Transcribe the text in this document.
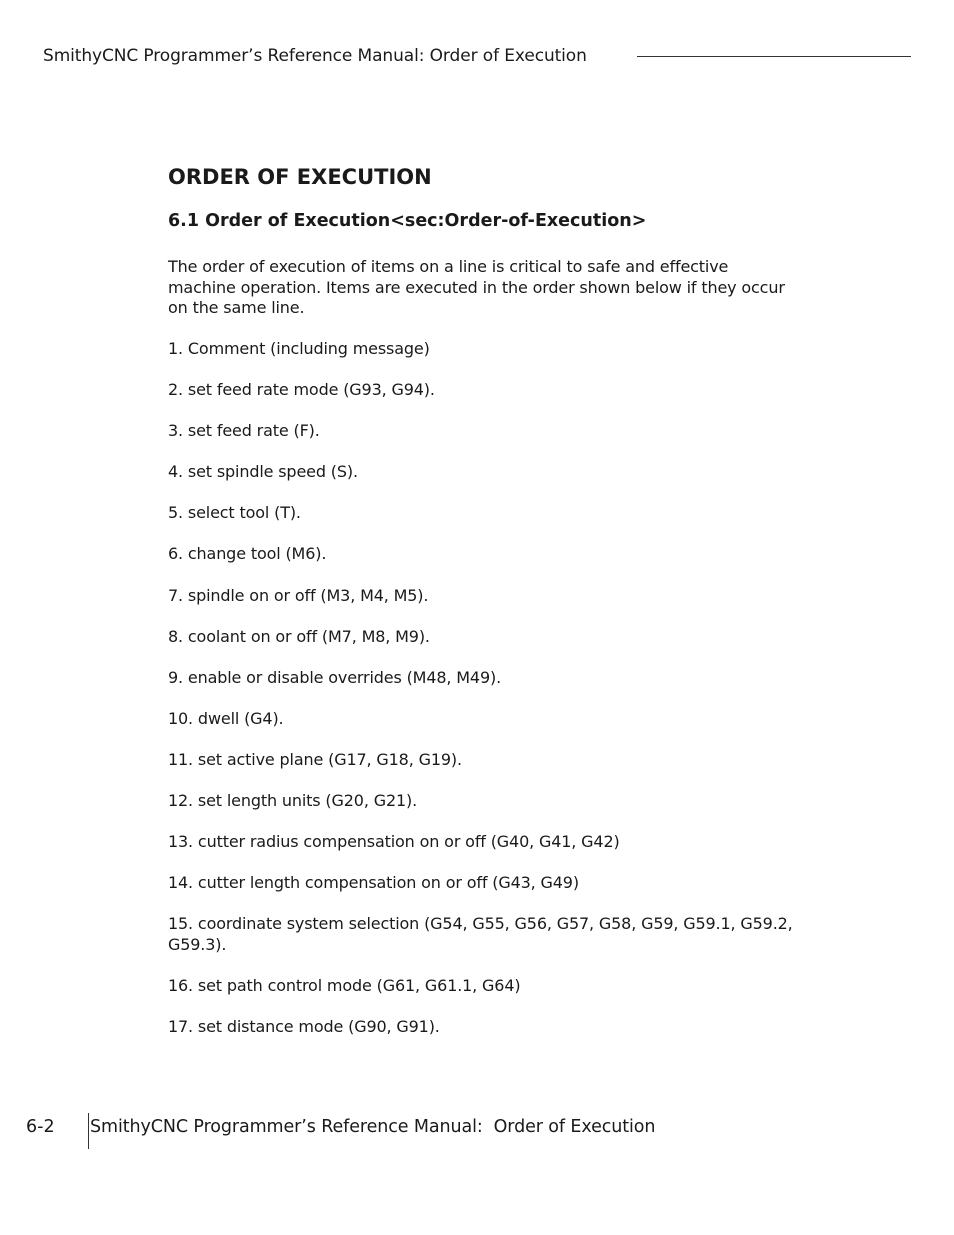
SmithyCNC Programmer’s Reference Manual: Order of Execution
ORDER OF EXECUTION
6.1 Order of Execution<sec:Order-of-Execution>

The order of execution of items on a line is critical to safe and effective machine operation. Items are executed in the order shown below if they occur on the same line.

1. Comment (including message)
2. set feed rate mode (G93, G94).
3. set feed rate (F).
4. set spindle speed (S).
5. select tool (T).
6. change tool (M6).
7. spindle on or off (M3, M4, M5).
8. coolant on or off (M7, M8, M9).
9. enable or disable overrides (M48, M49).
10. dwell (G4).
11. set active plane (G17, G18, G19).
12. set length units (G20, G21).
13. cutter radius compensation on or off (G40, G41, G42)
14. cutter length compensation on or off (G43, G49)
15. coordinate system selection (G54, G55, G56, G57, G58, G59, G59.1, G59.2, G59.3).
16. set path control mode (G61, G61.1, G64)
17. set distance mode (G90, G91).
6-2 SmithyCNC Programmer’s Reference Manual:  Order of Execution
